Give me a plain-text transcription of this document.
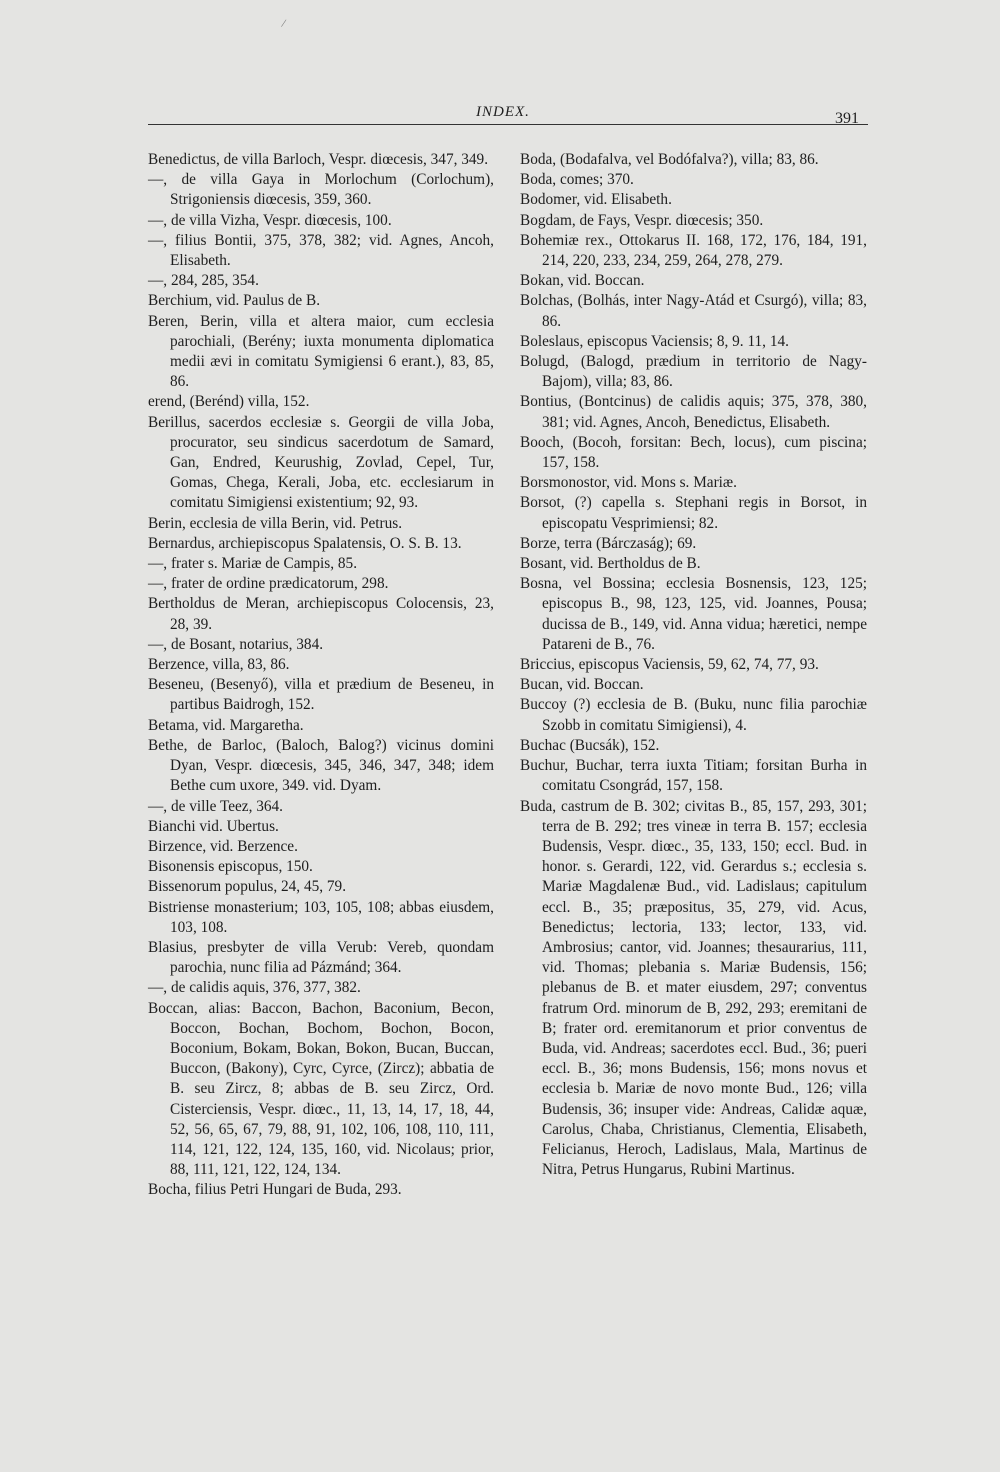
/
INDEX.	391

Benedictus, de villa Barloch, Vespr. diœcesis, 347, 349.

—, de villa Gaya in Morlochum (Corlochum), Strigoniensis diœcesis, 359, 360.

—, de villa Vizha, Vespr. diœcesis, 100.

—, filius Bontii, 375, 378, 382; vid. Agnes, Ancoh, Elisabeth.

—, 284, 285, 354.

Berchium, vid. Paulus de B.

Beren, Berin, villa et altera maior, cum ecclesia parochiali, (Berény; iuxta monumenta diplomatica medii ævi in comitatu Symigiensi 6 erant.), 83, 85, 86.

erend, (Berénd) villa, 152.

Berillus, sacerdos ecclesiæ s. Georgii de villa Joba, procurator, seu sindicus sacerdotum de Samard, Gan, Endred, Keurushig, Zovlad, Cepel, Tur, Gomas, Chega, Kerali, Joba, etc. ecclesiarum in comitatu Simigiensi existentium; 92, 93.

Berin, ecclesia de villa Berin, vid. Petrus.

Bernardus, archiepiscopus Spalatensis, O. S. B. 13.

—, frater s. Mariæ de Campis, 85.

—, frater de ordine prædicatorum, 298.

Bertholdus de Meran, archiepiscopus Colocensis, 23, 28, 39.

—, de Bosant, notarius, 384.

Berzence, villa, 83, 86.

Beseneu, (Besenyő), villa et prædium de Beseneu, in partibus Baidrogh, 152.

Betama, vid. Margaretha.

Bethe, de Barloc, (Baloch, Balog?) vicinus domini Dyan, Vespr. diœcesis, 345, 346, 347, 348; idem Bethe cum uxore, 349. vid. Dyam.

—, de ville Teez, 364.

Bianchi vid. Ubertus.

Birzence, vid. Berzence.

Bisonensis episcopus, 150.

Bissenorum populus, 24, 45, 79.

Bistriense monasterium; 103, 105, 108; abbas eiusdem, 103, 108.

Blasius, presbyter de villa Verub: Vereb, quondam parochia, nunc filia ad Pázmánd; 364.

—, de calidis aquis, 376, 377, 382.

Boccan, alias: Baccon, Bachon, Baconium, Becon, Boccon, Bochan, Bochom, Bochon, Bocon, Boconium, Bokam, Bokan, Bokon, Bucan, Buccan, Buccon, (Bakony), Cyrc, Cyrce, (Zircz); abbatia de B. seu Zircz, 8; abbas de B. seu Zircz, Ord. Cisterciensis, Vespr. diœc., 11, 13, 14, 17, 18, 44, 52, 56, 65, 67, 79, 88, 91, 102, 106, 108, 110, 111, 114, 121, 122, 124, 135, 160, vid. Nicolaus; prior, 88, 111, 121, 122, 124, 134.

Bocha, filius Petri Hungari de Buda, 293.

Boda, (Bodafalva, vel Bodófalva?), villa; 83, 86.

Boda, comes; 370.

Bodomer, vid. Elisabeth.

Bogdam, de Fays, Vespr. diœcesis; 350.

Bohemiæ rex., Ottokarus II. 168, 172, 176, 184, 191, 214, 220, 233, 234, 259, 264, 278, 279.

Bokan, vid. Boccan.

Bolchas, (Bolhás, inter Nagy-Atád et Csurgó), villa; 83, 86.

Boleslaus, episcopus Vaciensis; 8, 9. 11, 14.

Bolugd, (Balogd, prædium in territorio de Nagy-Bajom), villa; 83, 86.

Bontius, (Bontcinus) de calidis aquis; 375, 378, 380, 381; vid. Agnes, Ancoh, Benedictus, Elisabeth.

Booch, (Bocoh, forsitan: Bech, locus), cum piscina; 157, 158.

Borsmonostor, vid. Mons s. Mariæ.

Borsot, (?) capella s. Stephani regis in Borsot, in episcopatu Vesprimiensi; 82.

Borze, terra (Bárczaság); 69.

Bosant, vid. Bertholdus de B.

Bosna, vel Bossina; ecclesia Bosnensis, 123, 125; episcopus B., 98, 123, 125, vid. Joannes, Pousa; ducissa de B., 149, vid. Anna vidua; hæretici, nempe Patareni de B., 76.

Briccius, episcopus Vaciensis, 59, 62, 74, 77, 93.

Bucan, vid. Boccan.

Buccoy (?) ecclesia de B. (Buku, nunc filia parochiæ Szobb in comitatu Simigiensi), 4.

Buchac (Bucsák), 152.

Buchur, Buchar, terra iuxta Titiam; forsitan Burha in comitatu Csongrád, 157, 158.

Buda, castrum de B. 302; civitas B., 85, 157, 293, 301; terra de B. 292; tres vineæ in terra B. 157; ecclesia Budensis, Vespr. diœc., 35, 133, 150; eccl. Bud. in honor. s. Gerardi, 122, vid. Gerardus s.; ecclesia s. Mariæ Magdalenæ Bud., vid. Ladislaus; capitulum eccl. B., 35; præpositus, 35, 279, vid. Acus, Benedictus; lectoria, 133; lector, 133, vid. Ambrosius; cantor, vid. Joannes; thesaurarius, 111, vid. Thomas; plebania s. Mariæ Budensis, 156; plebanus de B. et mater eiusdem, 297; conventus fratrum Ord. minorum de B, 292, 293; eremitani de B; frater ord. eremitanorum et prior conventus de Buda, vid. Andreas; sacerdotes eccl. Bud., 36; pueri eccl. B., 36; mons Budensis, 156; mons novus et ecclesia b. Mariæ de novo monte Bud., 126; villa Budensis, 36; insuper vide: Andreas, Calidæ aquæ, Carolus, Chaba, Christianus, Clementia, Elisabeth, Felicianus, Heroch, Ladislaus, Mala, Martinus de Nitra, Petrus Hungarus, Rubini Martinus.
